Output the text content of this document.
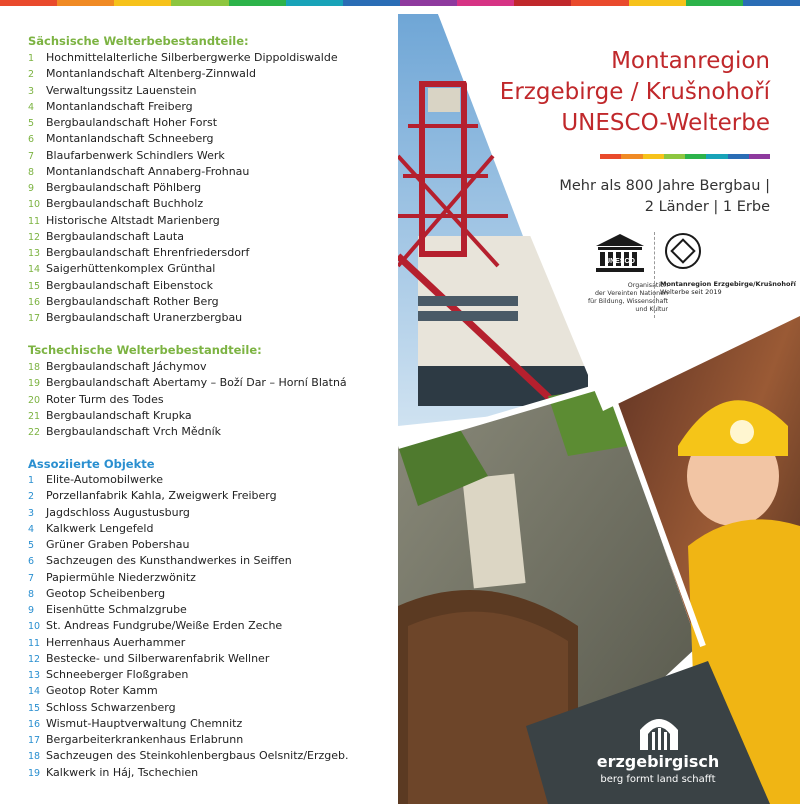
Sächsische Welterbebestandteile:
1 Hochmittelalterliche Silberbergwerke Dippoldiswalde
2 Montanlandschaft Altenberg-Zinnwald
3 Verwaltungssitz Lauenstein
4 Montanlandschaft Freiberg
5 Bergbaulandschaft Hoher Forst
6 Montanlandschaft Schneeberg
7 Blaufarbenwerk Schindlers Werk
8 Montanlandschaft Annaberg-Frohnau
9 Bergbaulandschaft Pöhlberg
10 Bergbaulandschaft Buchholz
11 Historische Altstadt Marienberg
12 Bergbaulandschaft Lauta
13 Bergbaulandschaft Ehrenfriedersdorf
14 Saigerhüttenkomplex Grünthal
15 Bergbaulandschaft Eibenstock
16 Bergbaulandschaft Rother Berg
17 Bergbaulandschaft Uranerzbergbau
Tschechische Welterbebestandteile:
18 Bergbaulandschaft Jáchymov
19 Bergbaulandschaft Abertamy – Boží Dar – Horní Blatná
20 Roter Turm des Todes
21 Bergbaulandschaft Krupka
22 Bergbaulandschaft Vrch Mědník
Assoziierte Objekte
1 Elite-Automobilwerke
2 Porzellanfabrik Kahla, Zweigwerk Freiberg
3 Jagdschloss Augustusburg
4 Kalkwerk Lengefeld
5 Grüner Graben Pobershau
6 Sachzeugen des Kunsthandwerkes in Seiffen
7 Papiermühle Niederzwönitz
8 Geotop Scheibenberg
9 Eisenhütte Schmalzgrube
10 St. Andreas Fundgrube/Weiße Erden Zeche
11 Herrenhaus Auerhammer
12 Bestecke- und Silberwarenfabrik Wellner
13 Schneeberger Floßgraben
14 Geotop Roter Kamm
15 Schloss Schwarzenberg
16 Wismut-Hauptverwaltung Chemnitz
17 Bergarbeiterkrankenhaus Erlabrunn
18 Sachzeugen des Steinkohlenbergbaus Oelsnitz/Erzgeb.
19 Kalkwerk in Háj, Tschechien
Montanregion
Erzgebirge / Krušnohoří
UNESCO-Welterbe
Mehr als 800 Jahre Bergbau |
2 Länder | 1 Erbe
UNESCO
Organisation
der Vereinten Nationen
für Bildung, Wissenschaft
und Kultur
Montanregion Erzgebirge/Krušnohoří
Welterbe seit 2019
erzgebirgisch
berg formt land schafft
